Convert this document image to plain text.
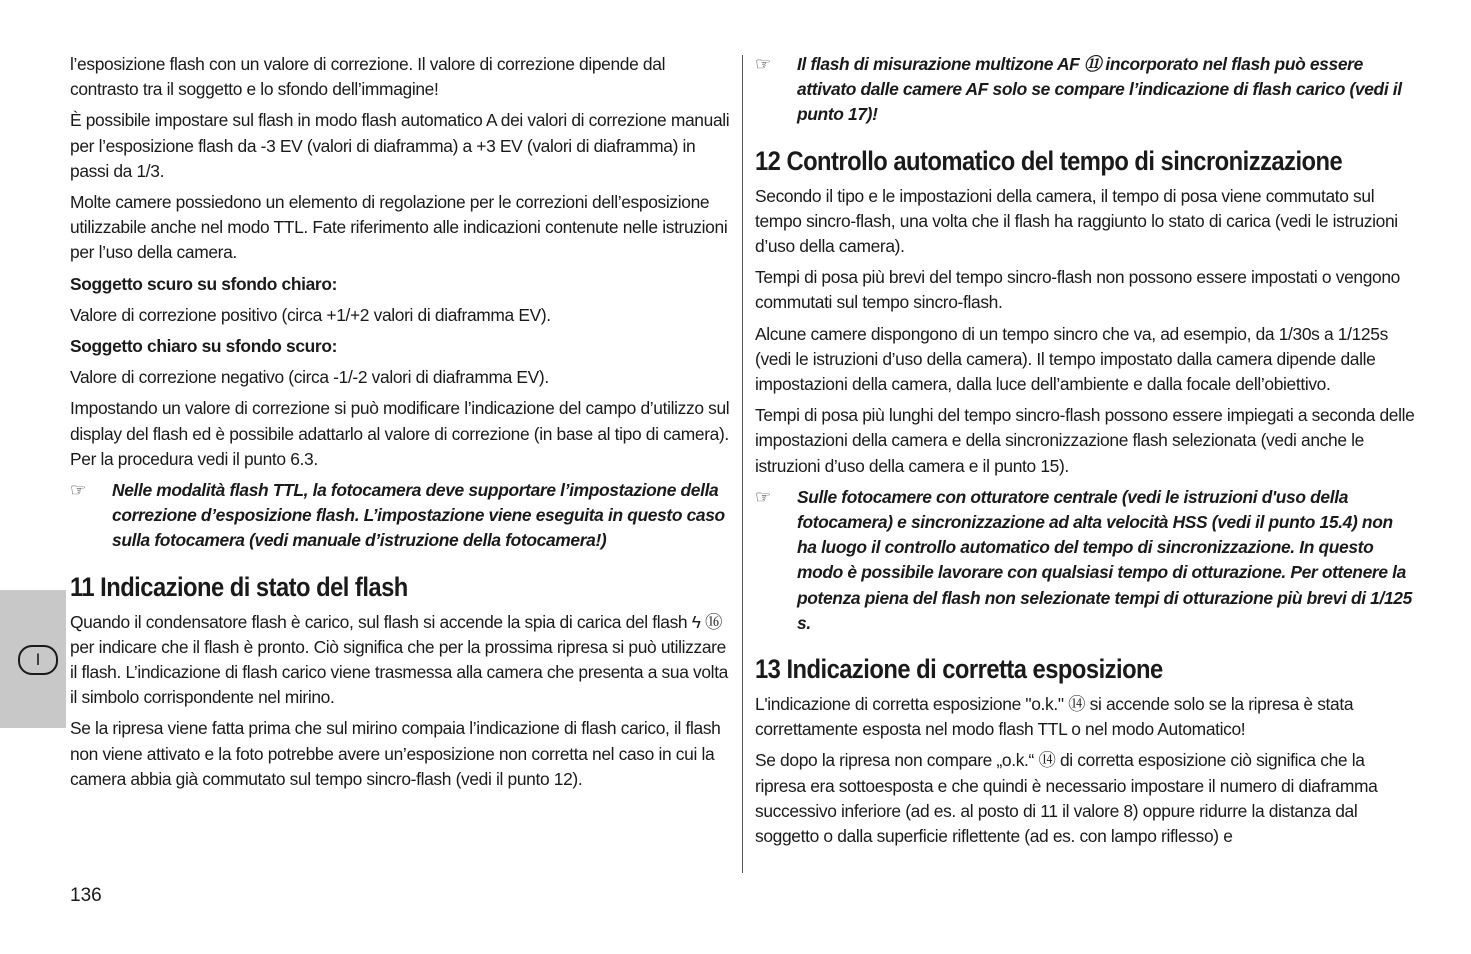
I

l’esposizione flash con un valore di correzione. Il valore di correzione dipende dal contrasto tra il soggetto e lo sfondo dell’immagine!

È possibile impostare sul flash in modo flash automatico A dei valori di correzione manuali per l’esposizione flash da -3 EV (valori di diaframma) a +3 EV (valori di diaframma) in passi da 1/3.

Molte camere possiedono un elemento di regolazione per le correzioni dell’esposizione utilizzabile anche nel modo TTL. Fate riferimento alle indicazioni contenute nelle istruzioni per l’uso della camera.

Soggetto scuro su sfondo chiaro:

Valore di correzione positivo (circa +1/+2 valori di diaframma EV).

Soggetto chiaro su sfondo scuro:

Valore di correzione negativo (circa -1/-2 valori di diaframma EV).

Impostando un valore di correzione si può modificare l’indicazione del campo d’utilizzo sul display del flash ed è possibile adattarlo al valore di correzione (in base al tipo di camera). Per la procedura vedi il punto 6.3.

☞	Nelle modalità flash TTL, la fotocamera deve supportare l’impostazione della correzione d’esposizione flash. L’impostazione viene eseguita in questo caso sulla fotocamera (vedi manuale d’istruzione della fotocamera!)
11 Indicazione di stato del flash

Quando il condensatore flash è carico, sul flash si accende la spia di carica del flash ϟ ⑯ per indicare che il flash è pronto. Ciò significa che per la prossima ripresa si può utilizzare il flash. L’indicazione di flash carico viene trasmessa alla camera che presenta a sua volta il simbolo corrispondente nel mirino.

Se la ripresa viene fatta prima che sul mirino compaia l’indicazione di flash carico, il flash non viene attivato e la foto potrebbe avere un’esposizione non corretta nel caso in cui la camera abbia già commutato sul tempo sincro-flash (vedi il punto 12).

☞	Il flash di misurazione multizone AF ⑪ incorporato nel flash può essere attivato dalle camere AF solo se compare l’indicazione di flash carico (vedi il punto 17)!
12 Controllo automatico del tempo di sincronizzazione

Secondo il tipo e le impostazioni della camera, il tempo di posa viene commutato sul tempo sincro-flash, una volta che il flash ha raggiunto lo stato di carica (vedi le istruzioni d’uso della camera).

Tempi di posa più brevi del tempo sincro-flash non possono essere impostati o vengono commutati sul tempo sincro-flash.

Alcune camere dispongono di un tempo sincro che va, ad esempio, da 1/30s a 1/125s (vedi le istruzioni d’uso della camera). Il tempo impostato dalla camera dipende dalle impostazioni della camera, dalla luce dell’ambiente e dalla focale dell’obiettivo.

Tempi di posa più lunghi del tempo sincro-flash possono essere impiegati a seconda delle impostazioni della camera e della sincronizzazione flash selezionata (vedi anche le istruzioni d’uso della camera e il punto 15).

☞	Sulle fotocamere con otturatore centrale (vedi le istruzioni d'uso della fotocamera) e sincronizzazione ad alta velocità HSS (vedi il punto 15.4) non ha luogo il controllo automatico del tempo di sincronizzazione. In questo modo è possibile lavorare con qualsiasi tempo di otturazione. Per ottenere la potenza piena del flash non selezionate tempi di otturazione più brevi di 1/125 s.
13 Indicazione di corretta esposizione

L'indicazione di corretta esposizione "o.k." ⑭ si accende solo se la ripresa è stata correttamente esposta nel modo flash TTL o nel modo Automatico!

Se dopo la ripresa non compare „o.k.“ ⑭ di corretta esposizione ciò significa che la ripresa era sottoesposta e che quindi è necessario impostare il numero di diaframma successivo inferiore (ad es. al posto di 11 il valore 8) oppure ridurre la distanza dal soggetto o dalla superficie riflettente (ad es. con lampo riflesso) e

136
